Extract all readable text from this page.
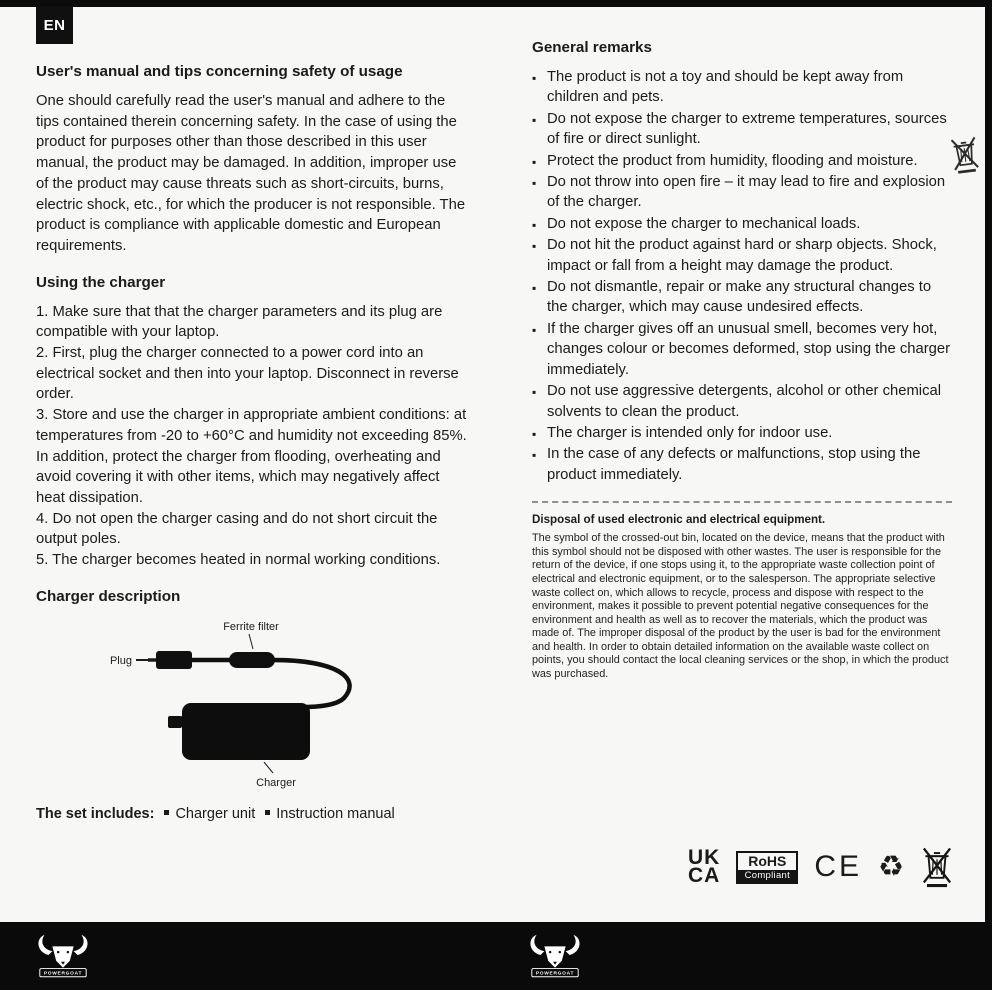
EN
User's manual and tips concerning safety of usage

One should carefully read the user's manual and adhere to the tips contained therein concerning safety. In the case of using the product for purposes other than those described in this user manual, the product may be damaged. In addition, improper use of the product may cause threats such as short-circuits, burns, electric shock, etc., for which the producer is not responsible. The product is compliance with applicable domestic and European requirements.

Using the charger

1. Make sure that that the charger parameters and its plug are compatible with your laptop.

2. First, plug the charger connected to a power cord into an electrical socket and then into your laptop. Disconnect in reverse order.

3. Store and use the charger in appropriate ambient conditions: at temperatures from -20 to +60°C and humidity not exceeding 85%. In addition, protect the charger from flooding, overheating and avoid covering it with other items, which may negatively affect heat dissipation.

4. Do not open the charger casing and do not short circuit the output poles.

5. The charger becomes heated in normal working conditions.

Charger description
Ferrite filter
Plug
Charger
The set includes: Charger unit Instruction manual
General remarks
▪ The product is not a toy and should be kept away from children and pets.
▪ Do not expose the charger to extreme temperatures, sources of fire or direct sunlight.
▪ Protect the product from humidity, flooding and moisture.
▪ Do not throw into open fire – it may lead to fire and explosion of the charger.
▪ Do not expose the charger to mechanical loads.
▪ Do not hit the product against hard or sharp objects. Shock, impact or fall from a height may damage the product.
▪ Do not dismantle, repair or make any structural changes to the charger, which may cause undesired effects.
▪ If the charger gives off an unusual smell, becomes very hot, changes colour or becomes deformed, stop using the charger immediately.
▪ Do not use aggressive detergents, alcohol or other chemical solvents to clean the product.
▪ The charger is intended only for indoor use.
▪ In the case of any defects or malfunctions, stop using the product immediately.

Disposal of used electronic and electrical equipment.

The symbol of the crossed-out bin, located on the device, means that the product with this symbol should not be disposed with other wastes. The user is responsible for the return of the device, if one stops using it, to the appropriate waste collection point of electrical and electronic equipment, or to the salesperson. The appropriate selective waste collect on, which allows to recycle, process and dispose with respect to the environment, makes it possible to prevent potential negative consequences for the environment and health as well as to recover the materials, which the product was made of. The improper disposal of the product by the user is bad for the environment and health. In order to obtain detailed information on the available waste collect on points, you should contact the local cleaning services or the shop, in which the product was purchased.

UK
CA
RoHS
Compliant CE ♻
